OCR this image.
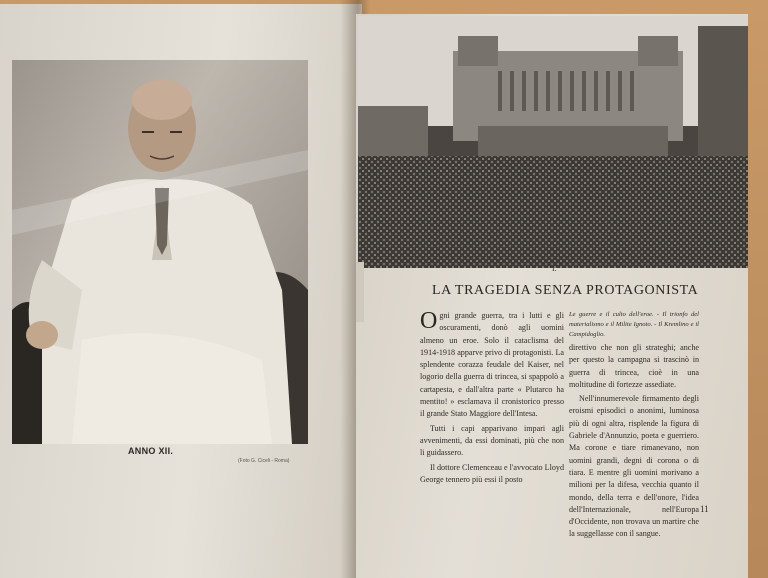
ANNO XII.
(Foto G. Ciceli - Roma)
I.
LA TRAGEDIA SENZA PROTAGONISTA

Ogni grande guerra, tra i lutti e gli oscuramenti, donò agli uomini almeno un eroe. Solo il cataclisma del 1914-1918 apparve privo di protagonisti. La splendente corazza feudale del Kaiser, nel logorio della guerra di trincea, si spappolò a cartapesta, e dall'altra parte « Plutarco ha mentito! » esclamava il cronistorico presso il grande Stato Maggiore dell'Intesa.

Tutti i capi apparivano impari agli avvenimenti, da essi dominati, più che non li guidassero.

Il dottore Clemenceau e l'avvocato Lloyd George tennero più essi il posto

Le guerre e il culto dell'eroe. - Il trionfo del materialismo e il Milite Ignoto. - Il Kremlino e il Campidoglio.

direttivo che non gli strateghi; anche per questo la campagna si trascinò in guerra di trincea, cioè in una moltitudine di fortezze assediate.

Nell'innumerevole firmamento degli eroismi episodici o anonimi, luminosa più di ogni altra, risplende la figura di Gabriele d'Annunzio, poeta e guerriero. Ma corone e tiare rimanevano, non uomini grandi, degni di corona o di tiara. E mentre gli uomini morivano a milioni per la difesa, vecchia quanto il mondo, della terra e dell'onore, l'idea dell'Internazionale, nell'Europa d'Occidente, non trovava un martire che la suggellasse con il sangue.

11
